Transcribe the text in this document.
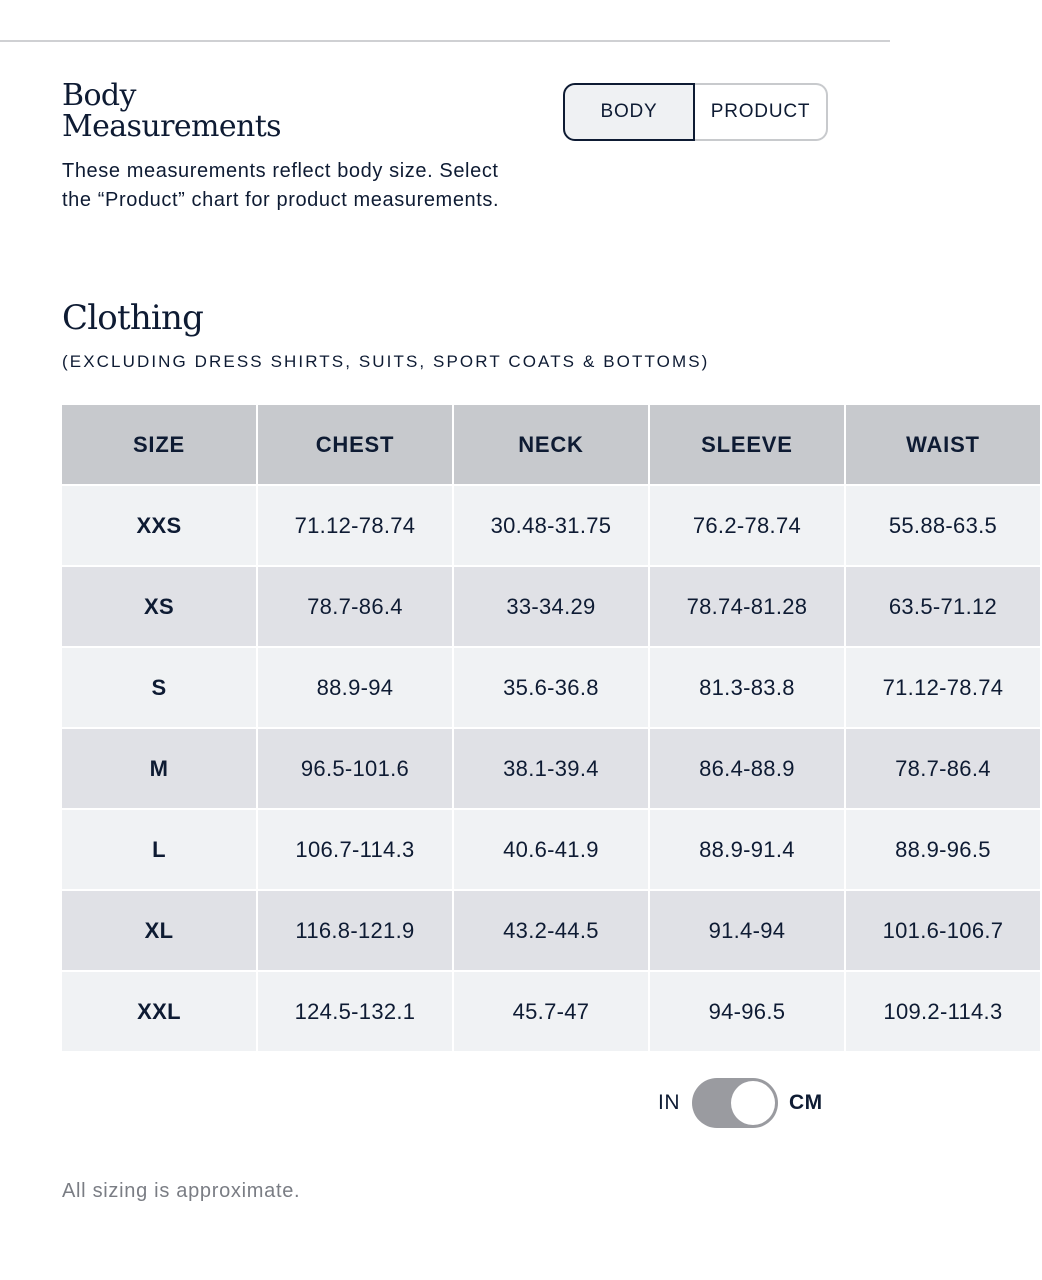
Body
Measurements

These measurements reflect body size. Select the “Product” chart for product measurements.

BODY	PRODUCT
Clothing

(EXCLUDING DRESS SHIRTS, SUITS, SPORT COATS & BOTTOMS)

SIZE	CHEST	NECK	SLEEVE	WAIST
XXS	71.12-78.74	30.48-31.75	76.2-78.74	55.88-63.5
XS	78.7-86.4	33-34.29	78.74-81.28	63.5-71.12
S	88.9-94	35.6-36.8	81.3-83.8	71.12-78.74
M	96.5-101.6	38.1-39.4	86.4-88.9	78.7-86.4
L	106.7-114.3	40.6-41.9	88.9-91.4	88.9-96.5
XL	116.8-121.9	43.2-44.5	91.4-94	101.6-106.7
XXL	124.5-132.1	45.7-47	94-96.5	109.2-114.3
IN	CM

All sizing is approximate.
